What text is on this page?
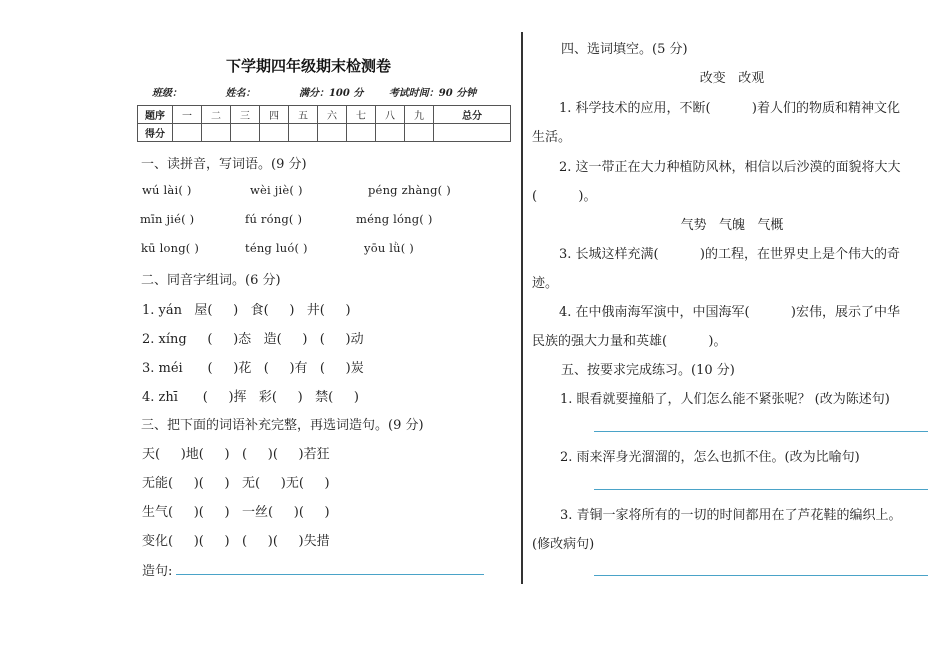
下学期四年级期末检测卷
班级：	姓名：	满分：100 分	考试时间：90 分钟
题序	一	二	三	四	五	六	七	八	九	总分
得分										
一、读拼音，写词语。(9 分)
wú lài( )	wèi jiè( )	péng zhàng( )
mīn jié( )	fú róng( )	méng lóng( )
kū long( )	téng luó( )	yōu lǜ( )
二、同音字组词。(6 分)
1. yán   屋(     )   食(     )   井(     )
2. xíng     (     )态   造(     )   (     )动
3. méi      (     )花   (     )有   (     )炭
4. zhī      (     )挥   彩(     )   禁(     )
三、把下面的词语补充完整，再选词造句。(9 分)
天(     )地(     )   (     )(     )若狂
无能(     )(     )   无(     )无(     )
生气(     )(     )   一丝(     )(     )
变化(     )(     )   (     )(     )失措
造句:
四、选词填空。(5 分)
改变   改观
1. 科学技术的应用，不断(          )着人们的物质和精神文化
生活。
2. 这一带正在大力种植防风林，相信以后沙漠的面貌将大大
(          )。
气势   气魄   气概
3. 长城这样充满(          )的工程，在世界史上是个伟大的奇
迹。
4. 在中俄南海军演中，中国海军(          )宏伟，展示了中华
民族的强大力量和英雄(          )。
五、按要求完成练习。(10 分)
1. 眼看就要撞船了，人们怎么能不紧张呢？ (改为陈述句)
2. 雨来浑身光溜溜的，怎么也抓不住。(改为比喻句)
3. 青铜一家将所有的一切的时间都用在了芦花鞋的编织上。
(修改病句)
